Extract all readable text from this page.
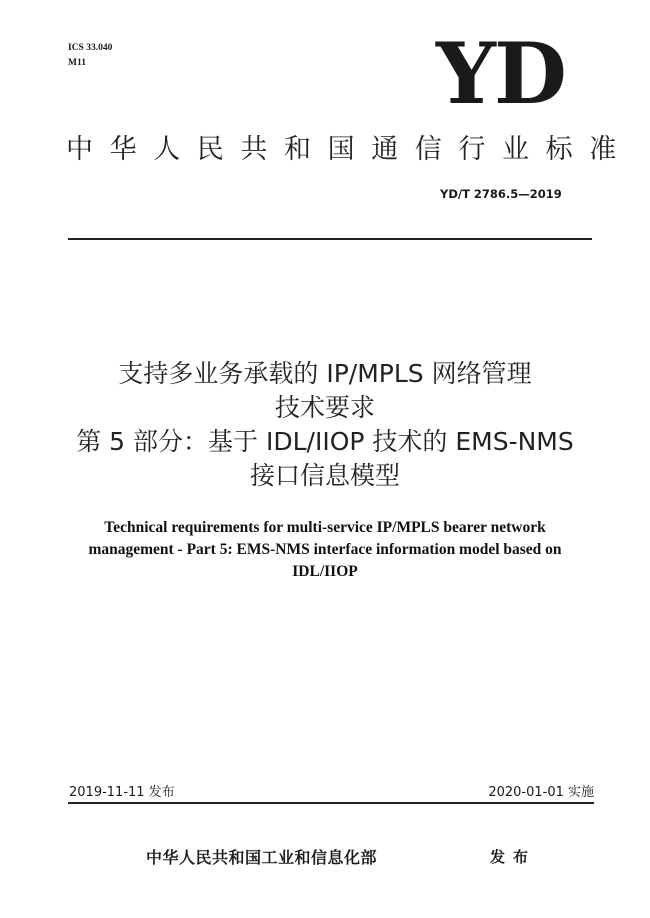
ICS 33.040
M11	YD
中华人民共和国通信行业标准
YD/T 2786.5—2019
支持多业务承载的 IP/MPLS 网络管理
技术要求
第 5 部分：基于 IDL/IIOP 技术的 EMS-NMS
接口信息模型
Technical requirements for multi-service IP/MPLS bearer network
management - Part 5: EMS-NMS interface information model based on
IDL/IIOP
2019-11-11 发布	2020-01-01 实施
中华人民共和国工业和信息化部	发布
